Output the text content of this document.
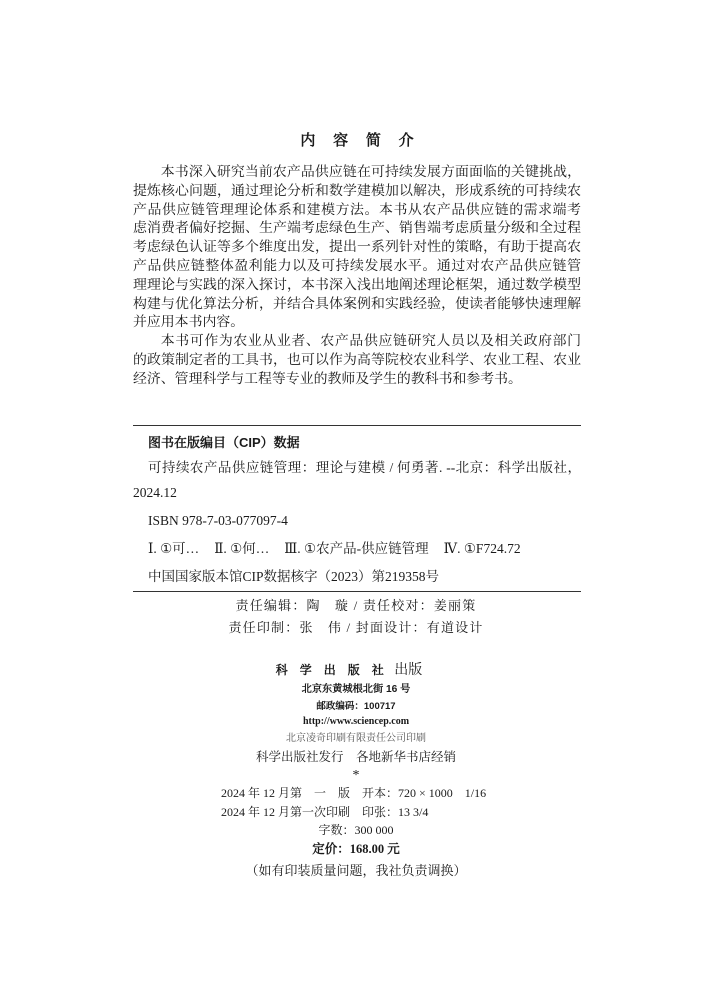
内 容 简 介
本书深入研究当前农产品供应链在可持续发展方面面临的关键挑战，
提炼核心问题，通过理论分析和数学建模加以解决，形成系统的可持续农
产品供应链管理理论体系和建模方法。本书从农产品供应链的需求端考
虑消费者偏好挖掘、生产端考虑绿色生产、销售端考虑质量分级和全过程
考虑绿色认证等多个维度出发，提出一系列针对性的策略，有助于提高农
产品供应链整体盈利能力以及可持续发展水平。通过对农产品供应链管
理理论与实践的深入探讨，本书深入浅出地阐述理论框架，通过数学模型
构建与优化算法分析，并结合具体案例和实践经验，使读者能够快速理解
并应用本书内容。
本书可作为农业从业者、农产品供应链研究人员以及相关政府部门
的政策制定者的工具书，也可以作为高等院校农业科学、农业工程、农业
经济、管理科学与工程等专业的教师及学生的教科书和参考书。
图书在版编目（CIP）数据
可持续农产品供应链管理：理论与建模 / 何勇著. --北京：科学出版社，
2024.12
ISBN 978-7-03-077097-4
Ⅰ. ①可… Ⅱ. ①何… Ⅲ. ①农产品-供应链管理 Ⅳ. ①F724.72
中国国家版本馆CIP数据核字（2023）第219358号
责任编辑：陶　璇 / 责任校对：姜丽策
责任印制：张　伟 / 封面设计：有道设计
科 学 出 版 社 出版
北京东黄城根北街 16 号
邮政编码：100717
http://www.sciencep.com
北京凌奇印刷有限责任公司印刷
科学出版社发行　各地新华书店经销
*
2024 年 12 月第　一　版　开本：720 × 1000　1/16
2024 年 12 月第一次印刷　印张：13 3/4
字数：300 000
定价：168.00 元
（如有印装质量问题，我社负责调换）
